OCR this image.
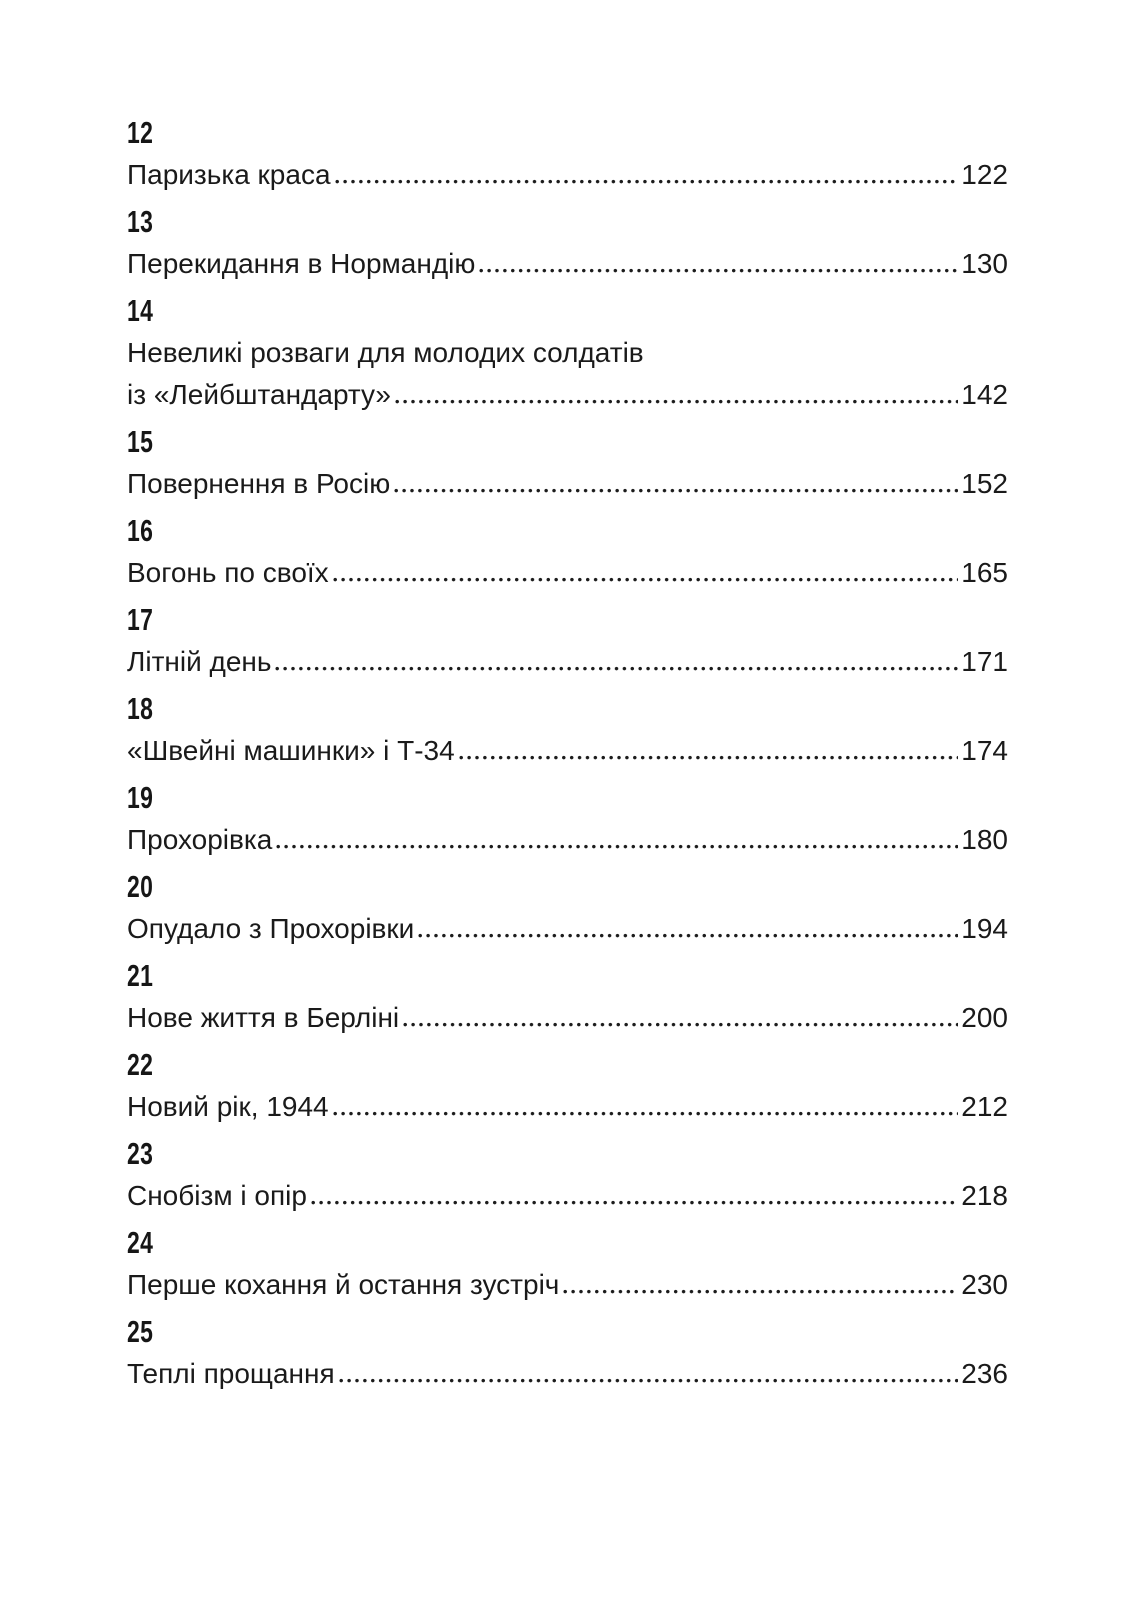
12
Паризька краса	122
13
Перекидання в Нормандію	130
14
Невеликі розваги для молодих солдатів
із «Лейбштандарту»	142
15
Повернення в Росію	152
16
Вогонь по своїх	165
17
Літній день	171
18
«Швейні машинки» і Т-34	174
19
Прохорівка	180
20
Опудало з Прохорівки	194
21
Нове життя в Берліні	200
22
Новий рік, 1944	212
23
Снобізм і опір	218
24
Перше кохання й остання зустріч	230
25
Теплі прощання	236
